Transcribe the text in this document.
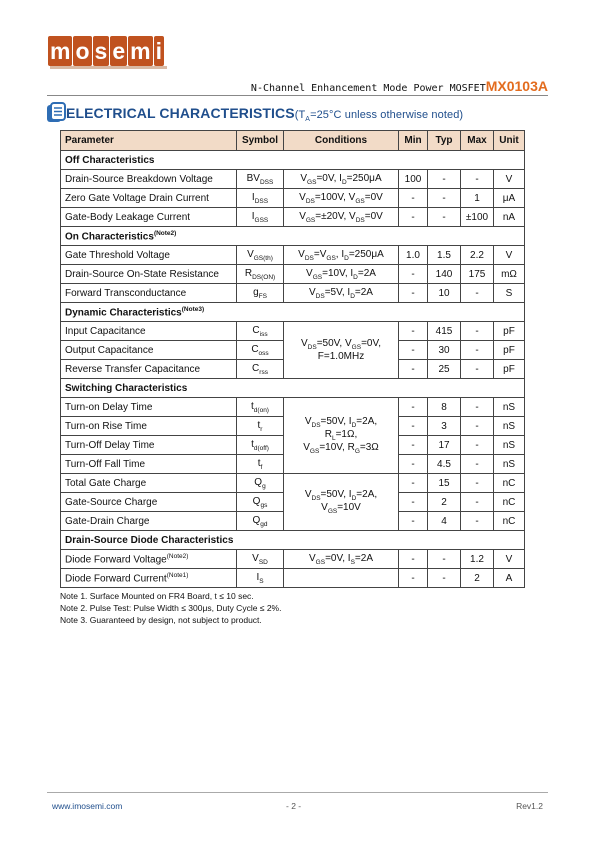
m o s e m i
N-Channel Enhancement Mode Power MOSFETMX0103A
ELECTRICAL $CHARACTERISTICS(T_A=25^\circ C$ unless otherwise noted)
Parameter	Symbol	Conditions	Min	Typ	Max	Unit
Off Characteristics						
Drain-Source Breakdown Voltage	$BV_{DSS}$	$V_{GS}=0V$, $I_D=250\mu A$	100	-	-	V
Zero Gate Voltage Drain Current	$I_{DSS}$	$V_{DS}=100V$, $V_{GS}=0V$	-	-	1	μA
Gate-Body Leakage Current	$I_{GSS}$	$V_{GS}=\pm 20V$, $V_{DS}=0V$	-	-	±100	nA
On Characteristics$^{(Note2)}$
Gate Threshold Voltage	$V_{GS(th)}$	$V_{DS}=V_{GS}$, $I_D=250\mu A$	1.0	1.5	2.2	V
Drain-Source On-State Resistance	$R_{DS(ON)}$	$V_{GS}=10V$, $I_D=2A$	-	140	175	mΩ
Forward Transconductance	$g_{FS}$	$V_{DS}=5V$, $I_D=2A$	-	10	-	S
Dynamic Characteristics$^{(Note3)}$
Input Capacitance	$C_{iss}$	$V_{DS}=50V$, $V_{GS}=0V$,
F=1.0MHz	-	415	-	pF
Output Capacitance	$C_{oss}$		-	30	-	pF
Reverse Transfer Capacitance	$C_{rss}$		-	25	-	pF
Switching Characteristics						
Turn-on Delay Time	$t_{d(on)}$	$V_{DS}=50V$, $I_D=2A$,
$R_L=1\Omega$,
$V_{GS}=10V$, $R_G=3\Omega$	-	8	-	nS
Turn-on Rise Time	$t_r$		-	3	-	nS
Turn-Off Delay Time	$t_{d(off)}$		-	17	-	nS
Turn-Off Fall Time	$t_f$		-	4.5	-	nS
Total Gate Charge	$Q_g$	$V_{DS}=50V$, $I_D=2A$,
$V_{GS}=10V$	-	15	-	nC
Gate-Source Charge	$Q_{gs}$		-	2	-	nC
Gate-Drain Charge	$Q_{gd}$		-	4	-	nC
Drain-Source Diode Characteristics						
Diode Forward Voltage$^{(Note2)}$	$V_{SD}$	$V_{GS}=0V$, $I_S=2A$	-	-	1.2	V
Diode Forward Current$^{(Note1)}$	$I_S$		-	-	2	A
Note 1. Surface Mounted on FR4 Board, t ≤ 10 sec.
Note 2. Pulse Test: Pulse Width ≤ 300μs, Duty Cycle ≤ 2%.
Note 3. Guaranteed by design, not subject to product.
www.imosemi.com	- 2 -	Rev1.2
